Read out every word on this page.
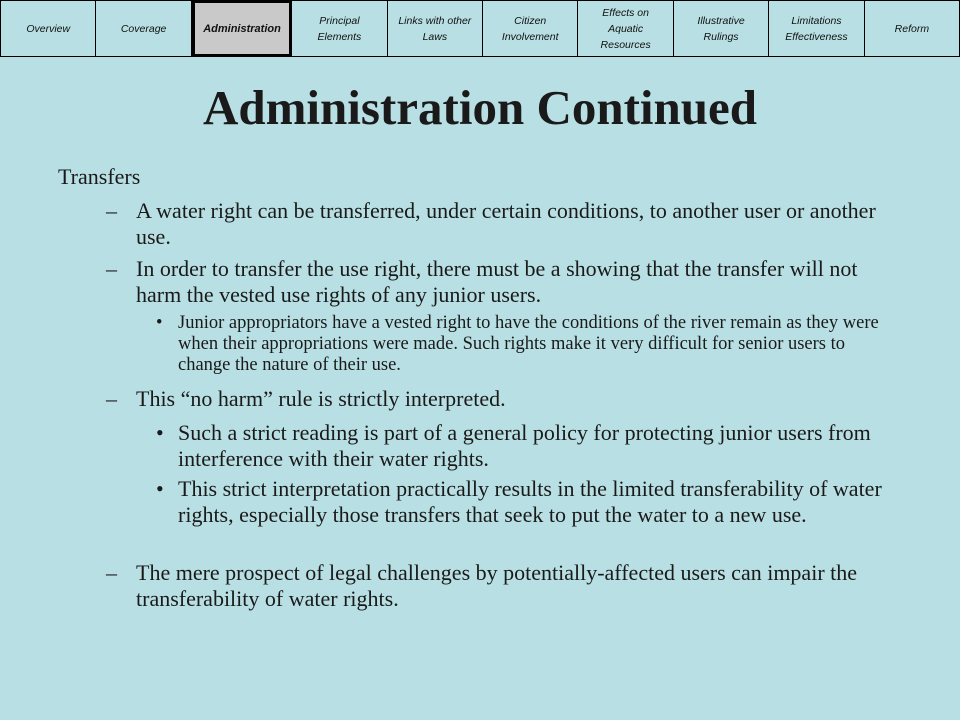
Overview	Coverage	Administration
Principal
Elements
Links with other
Laws
Citizen
Involvement
Effects on
Aquatic
Resources
Illustrative
Rulings
Limitations
Effectiveness
Reform
Administration Continued
Transfers
– A water right can be transferred, under certain conditions, to another user or another use.
– In order to transfer the use right, there must be a showing that the transfer will not harm the vested use rights of any junior users.
• Junior appropriators have a vested right to have the conditions of the river remain as they were when their appropriations were made. Such rights make it very difficult for senior users to change the nature of their use.
– This “no harm” rule is strictly interpreted.
• Such a strict reading is part of a general policy for protecting junior users from interference with their water rights.
• This strict interpretation practically results in the limited transferability of water rights, especially those transfers that seek to put the water to a new use.
– The mere prospect of legal challenges by potentially-affected users can impair the transferability of water rights.
